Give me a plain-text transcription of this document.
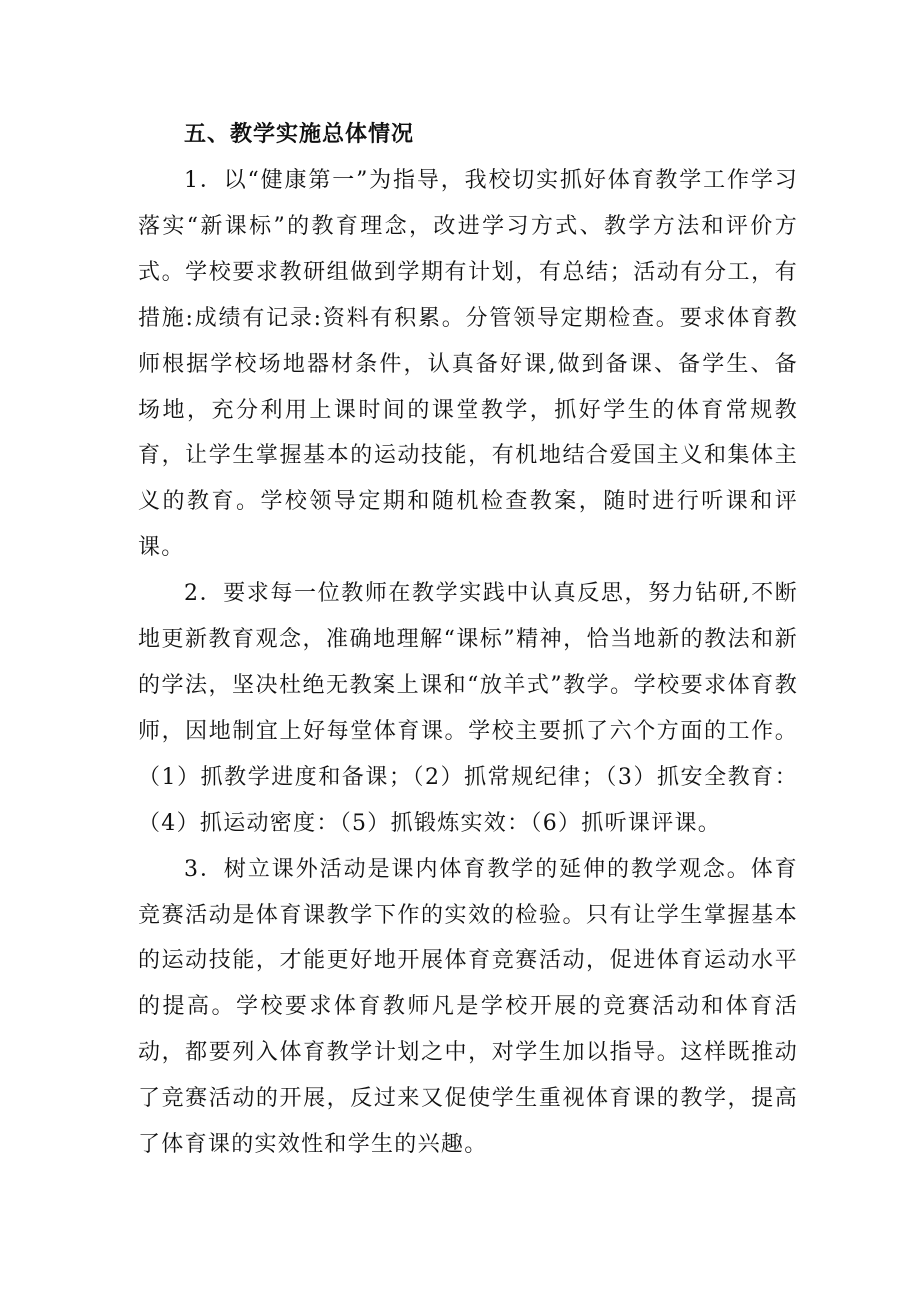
五、教学实施总体情况

1．以“健康第一”为指导，我校切实抓好体育教学工作学习落实“新课标”的教育理念，改进学习方式、教学方法和评价方式。学校要求教研组做到学期有计划，有总结；活动有分工，有措施:成绩有记录:资料有积累。分管领导定期检查。要求体育教师根据学校场地器材条件，认真备好课,做到备课、备学生、备场地，充分利用上课时间的课堂教学，抓好学生的体育常规教育，让学生掌握基本的运动技能，有机地结合爱国主义和集体主义的教育。学校领导定期和随机检查教案，随时进行听课和评课。

2．要求每一位教师在教学实践中认真反思，努力钻研,不断地更新教育观念，准确地理解“课标”精神，恰当地新的教法和新的学法，坚决杜绝无教案上课和“放羊式”教学。学校要求体育教师，因地制宜上好每堂体育课。学校主要抓了六个方面的工作。（1）抓教学进度和备课；（2）抓常规纪律；（3）抓安全教育：（4）抓运动密度：（5）抓锻炼实效：（6）抓听课评课。

3．树立课外活动是课内体育教学的延伸的教学观念。体育竞赛活动是体育课教学下作的实效的检验。只有让学生掌握基本的运动技能，才能更好地开展体育竞赛活动，促进体育运动水平的提高。学校要求体育教师凡是学校开展的竞赛活动和体育活动，都要列入体育教学计划之中，对学生加以指导。这样既推动了竞赛活动的开展，反过来又促使学生重视体育课的教学，提高了体育课的实效性和学生的兴趣。
